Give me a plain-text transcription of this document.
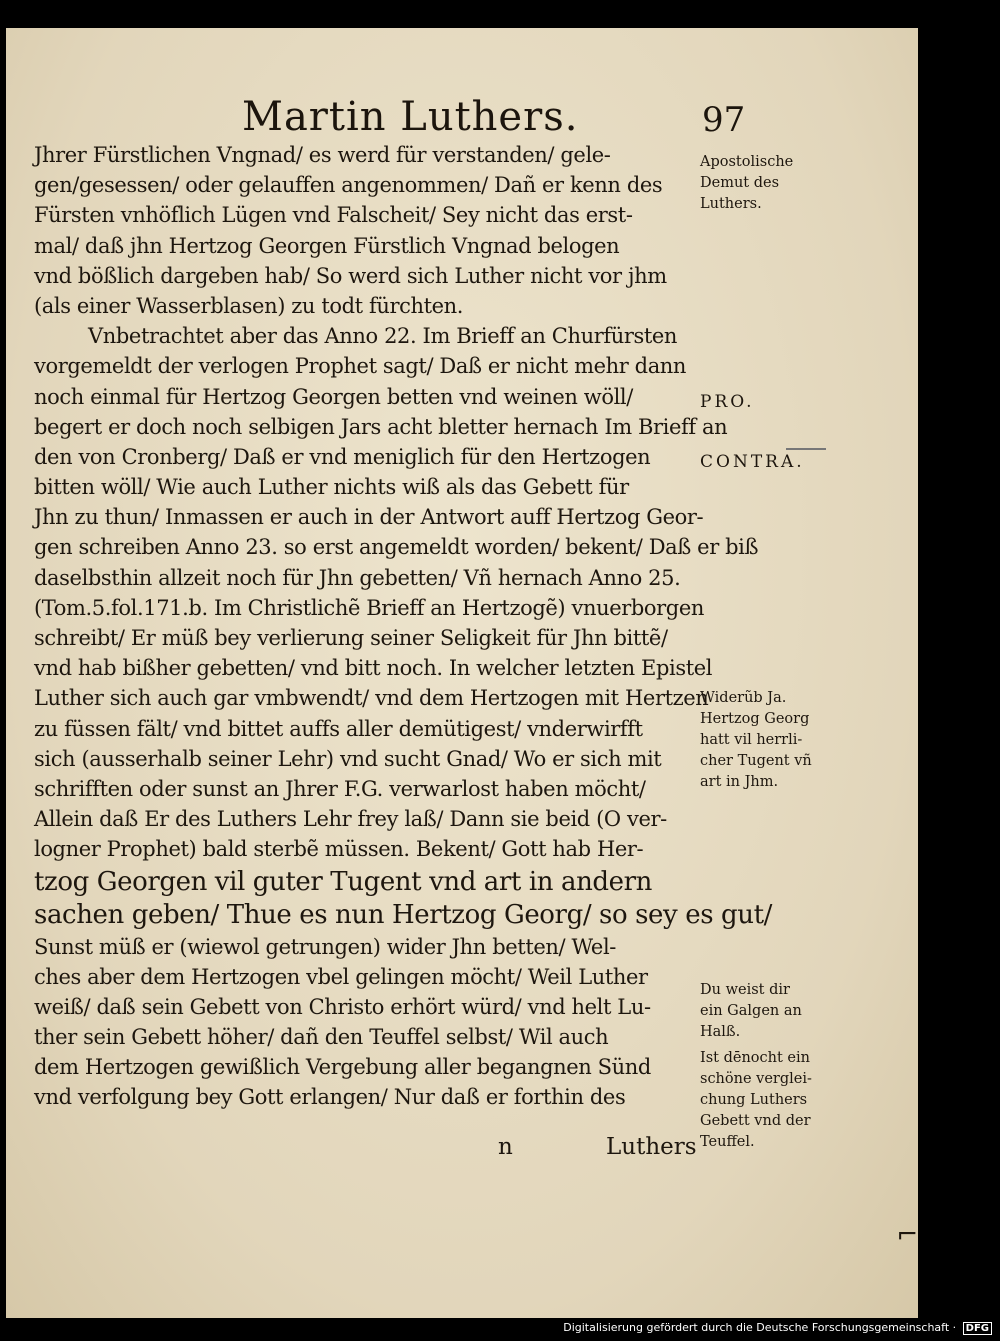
Martin Luthers.	97
Jhrer Fürstlichen Vngnad/ es werd für verstanden/ gele-
gen/gesessen/ oder gelauffen angenommen/ Dañ er kenn des
Fürsten vnhöflich Lügen vnd Falscheit/ Sey nicht das erst-
mal/ daß jhn Hertzog Georgen Fürstlich Vngnad belogen
vnd bößlich dargeben hab/ So werd sich Luther nicht vor jhm
(als einer Wasserblasen) zu todt fürchten.
Vnbetrachtet aber das Anno 22. Im Brieff an Churfürsten
vorgemeldt der verlogen Prophet sagt/ Daß er nicht mehr dann
noch einmal für Hertzog Georgen betten vnd weinen wöll/
begert er doch noch selbigen Jars acht bletter hernach Im Brieff an
den von Cronberg/ Daß er vnd meniglich für den Hertzogen
bitten wöll/ Wie auch Luther nichts wiß als das Gebett für
Jhn zu thun/ Inmassen er auch in der Antwort auff Hertzog Geor-
gen schreiben Anno 23. so erst angemeldt worden/ bekent/ Daß er biß
daselbsthin allzeit noch für Jhn gebetten/ Vñ hernach Anno 25.
(Tom.5.fol.171.b. Im Christlichẽ Brieff an Hertzogẽ) vnuerborgen
schreibt/ Er müß bey verlierung seiner Seligkeit für Jhn bittẽ/
vnd hab bißher gebetten/ vnd bitt noch. In welcher letzten Epistel
Luther sich auch gar vmbwendt/ vnd dem Hertzogen mit Hertzen
zu füssen fält/ vnd bittet auffs aller demütigest/ vnderwirfft
sich (ausserhalb seiner Lehr) vnd sucht Gnad/ Wo er sich mit
schrifften oder sunst an Jhrer F.G. verwarlost haben möcht/
Allein daß Er des Luthers Lehr frey laß/ Dann sie beid (O ver-
logner Prophet) bald sterbẽ müssen. Bekent/ Gott hab Her-
tzog Georgen vil guter Tugent vnd art in andern
sachen geben/ Thue es nun Hertzog Georg/ so sey es gut/
Sunst müß er (wiewol getrungen) wider Jhn betten/ Wel-
ches aber dem Hertzogen vbel gelingen möcht/ Weil Luther
weiß/ daß sein Gebett von Christo erhört würd/ vnd helt Lu-
ther sein Gebett höher/ dañ den Teuffel selbst/ Wil auch
dem Hertzogen gewißlich Vergebung aller begangnen Sünd
vnd verfolgung bey Gott erlangen/ Nur daß er forthin des
n	Luthers
Apostolische
Demut des
Luthers.
PRO.
CONTRA.
Widerũb Ja.
Hertzog Georg
hatt vil herrli-
cher Tugent vñ
art in Jhm.
Du weist dir
ein Galgen an
Halß.
Ist dēnocht ein
schöne verglei-
chung Luthers
Gebett vnd der
Teuffel.
⌐
Digitalisierung gefördert durch die Deutsche Forschungsgemeinschaft · DFG
